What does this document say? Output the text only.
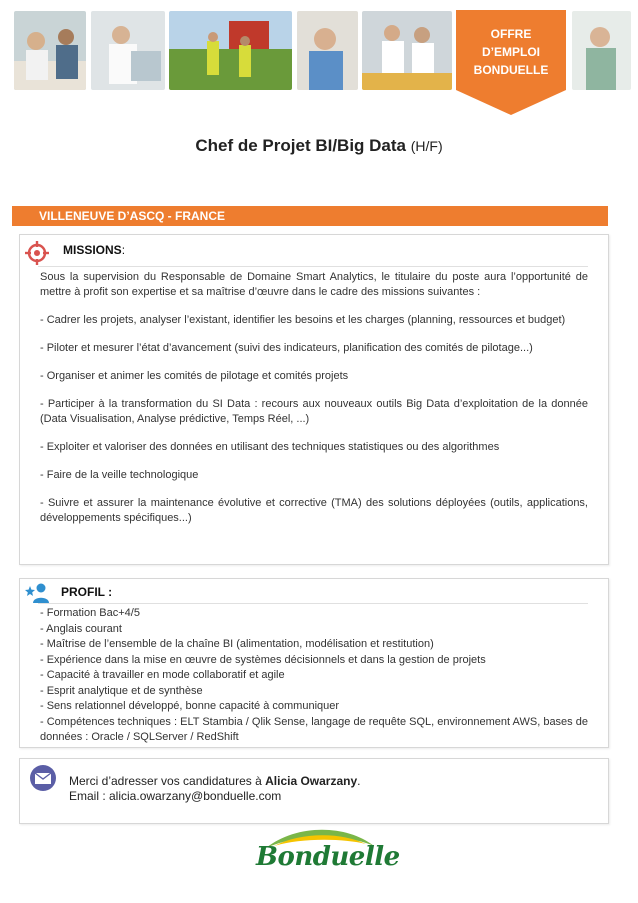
OFFRE
D’EMPLOI
BONDUELLE
Chef de Projet BI/Big Data (H/F)
VILLENEUVE D’ASCQ - FRANCE
MISSIONS:

Sous la supervision du Responsable de Domaine Smart Analytics, le titulaire du poste aura l’opportunité de mettre à profit son expertise et sa maîtrise d’œuvre dans le cadre des missions suivantes :

- Cadrer les projets, analyser l’existant, identifier les besoins et les charges (planning, ressources et budget)

- Piloter et mesurer l’état d’avancement (suivi des indicateurs, planification des comités de pilotage...)

- Organiser et animer les comités de pilotage et comités projets

- Participer à la transformation du SI Data : recours aux nouveaux outils Big Data d’exploitation de la donnée (Data Visualisation, Analyse prédictive, Temps Réel, ...)

- Exploiter et valoriser des données en utilisant des techniques statistiques ou des algorithmes

- Faire de la veille technologique

- Suivre et assurer la maintenance évolutive et corrective (TMA) des solutions déployées (outils, applications, développements spécifiques...)

PROFIL :
- Formation Bac+4/5
- Anglais courant
- Maîtrise de l’ensemble de la chaîne BI (alimentation, modélisation et restitution)
- Expérience dans la mise en œuvre de systèmes décisionnels et dans la gestion de projets
- Capacité à travailler en mode collaboratif et agile
- Esprit analytique et de synthèse
- Sens relationnel développé, bonne capacité à communiquer
- Compétences techniques : ELT Stambia / Qlik Sense, langage de requête SQL, environnement AWS, bases de données : Oracle / SQLServer / RedShift
Merci d’adresser vos candidatures à Alicia Owarzany.
Email : alicia.owarzany@bonduelle.com
Bonduelle
